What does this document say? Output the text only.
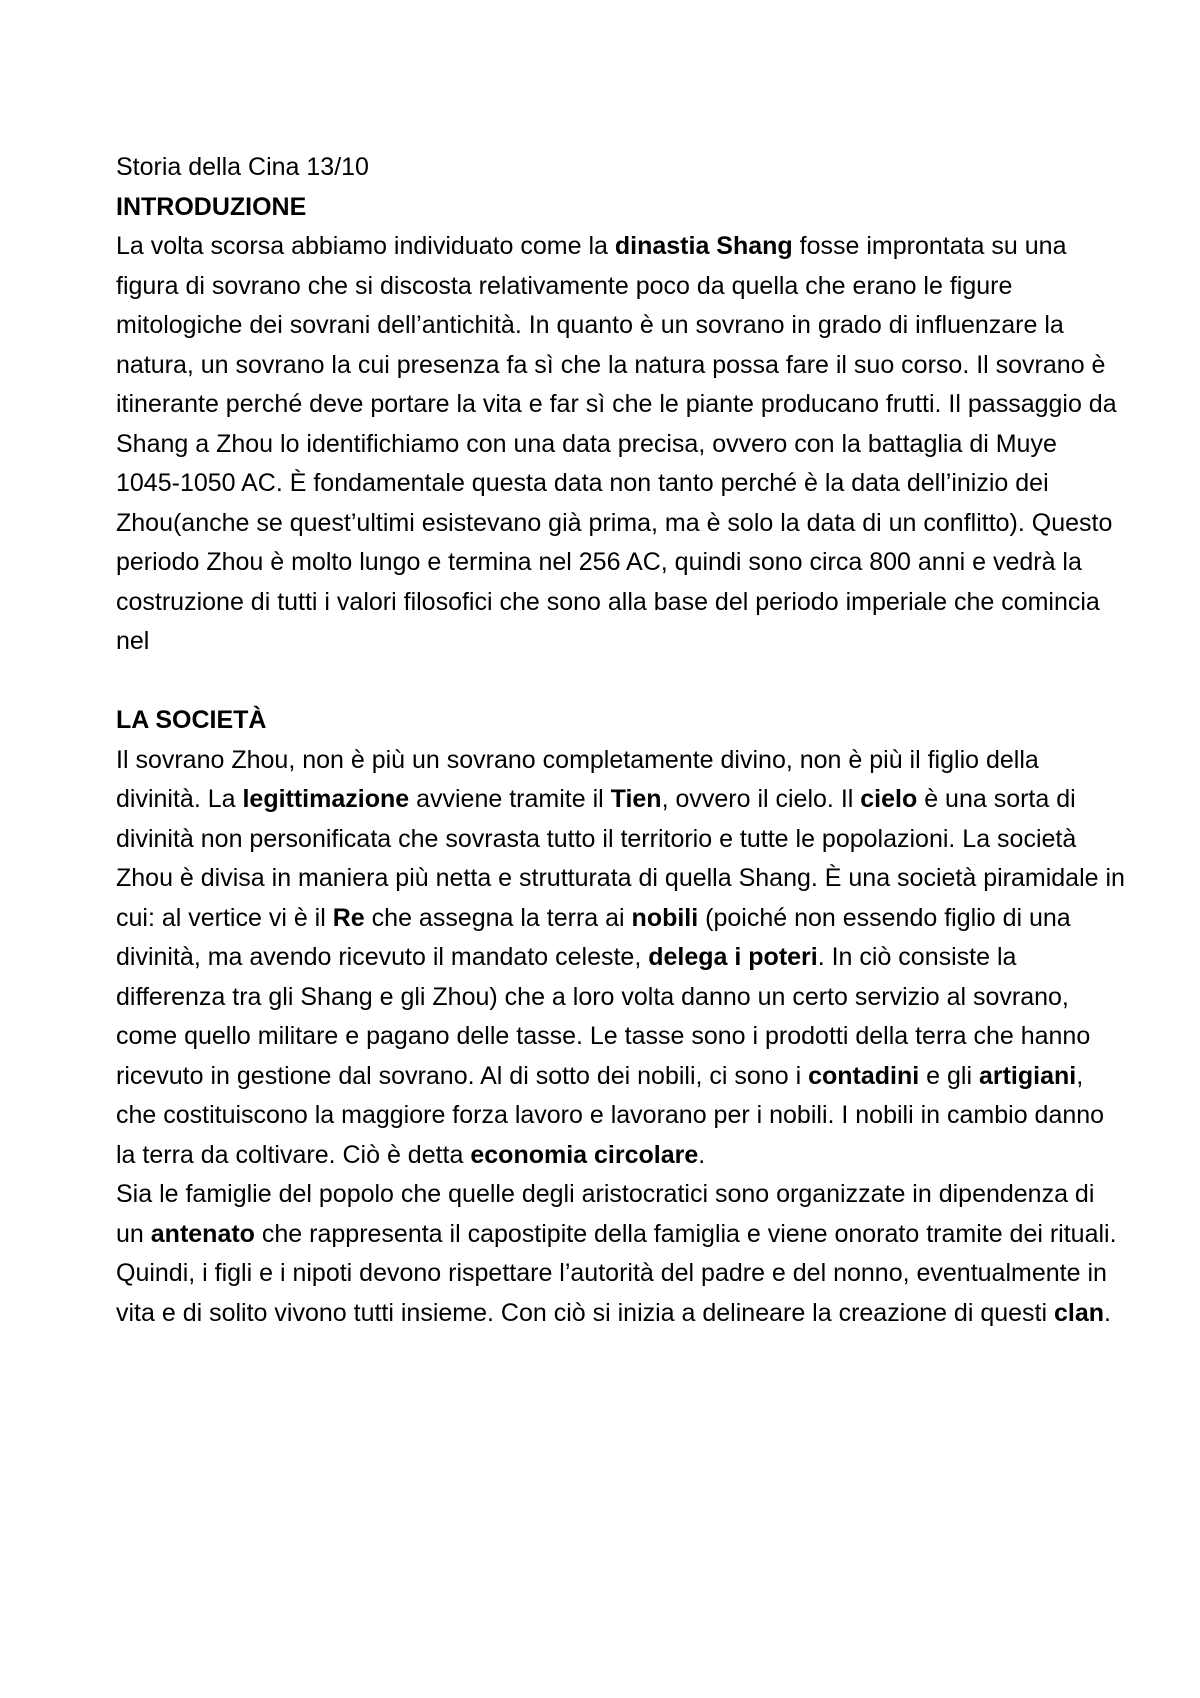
Storia della Cina 13/10

INTRODUZIONE

La volta scorsa abbiamo individuato come la dinastia Shang fosse improntata su una figura di sovrano che si discosta relativamente poco da quella che erano le figure mitologiche dei sovrani dell’antichità. In quanto è un sovrano in grado di influenzare la natura, un sovrano la cui presenza fa sì che la natura possa fare il suo corso. Il sovrano è itinerante perché deve portare la vita e far sì che le piante producano frutti. Il passaggio da Shang a Zhou lo identifichiamo con una data precisa, ovvero con la battaglia di Muye 1045-1050 AC. È fondamentale questa data non tanto perché è la data dell’inizio dei Zhou(anche se quest’ultimi esistevano già prima, ma è solo la data di un conflitto). Questo periodo Zhou è molto lungo e termina nel 256 AC, quindi sono circa 800 anni e vedrà la costruzione di tutti i valori filosofici che sono alla base del periodo imperiale che comincia nel

LA SOCIETÀ

Il sovrano Zhou, non è più un sovrano completamente divino, non è più il figlio della divinità. La legittimazione avviene tramite il Tien, ovvero il cielo. Il cielo è una sorta di divinità non personificata che sovrasta tutto il territorio e tutte le popolazioni. La società Zhou è divisa in maniera più netta e strutturata di quella Shang. È una società piramidale in cui: al vertice vi è il Re che assegna la terra ai nobili (poiché non essendo figlio di una divinità, ma avendo ricevuto il mandato celeste, delega i poteri. In ciò consiste la differenza tra gli Shang e gli Zhou) che a loro volta danno un certo servizio al sovrano, come quello militare e pagano delle tasse. Le tasse sono i prodotti della terra che hanno ricevuto in gestione dal sovrano. Al di sotto dei nobili, ci sono i contadini e gli artigiani, che costituiscono la maggiore forza lavoro e lavorano per i nobili. I nobili in cambio danno la terra da coltivare. Ciò è detta economia circolare.

Sia le famiglie del popolo che quelle degli aristocratici sono organizzate in dipendenza di un antenato che rappresenta il capostipite della famiglia e viene onorato tramite dei rituali. Quindi, i figli e i nipoti devono rispettare l’autorità del padre e del nonno, eventualmente in vita e di solito vivono tutti insieme. Con ciò si inizia a delineare la creazione di questi clan.
